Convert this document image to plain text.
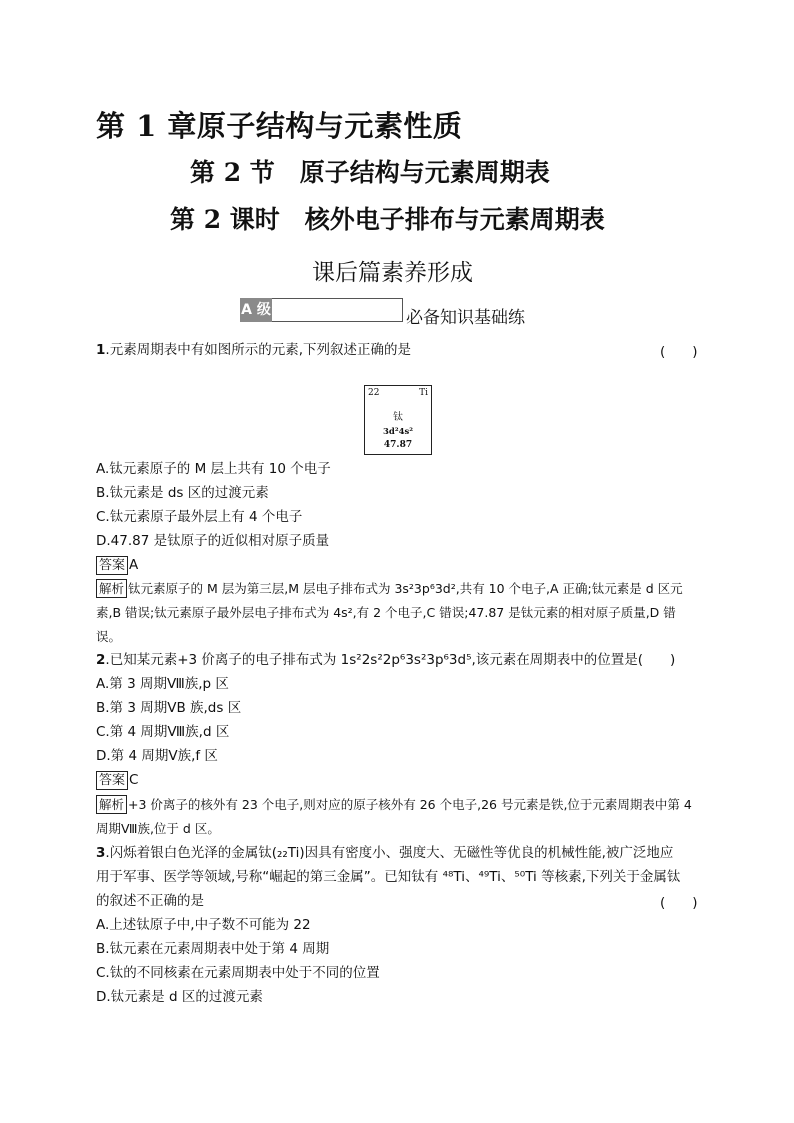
第 1 章原子结构与元素性质
第 2 节　原子结构与元素周期表
第 2 课时　核外电子排布与元素周期表
课后篇素养形成
A 级	必备知识基础练
1.元素周期表中有如图所示的元素,下列叙述正确的是	(　　)
22	Ti
钛
3d²4s²
47.87
A.钛元素原子的 M 层上共有 10 个电子
B.钛元素是 ds 区的过渡元素
C.钛元素原子最外层上有 4 个电子
D.47.87 是钛原子的近似相对原子质量
答案 A
解析 钛元素原子的 M 层为第三层,M 层电子排布式为 3s²3p⁶3d²,共有 10 个电子,A 正确;钛元素是 d 区元素,B 错误;钛元素原子最外层电子排布式为 4s²,有 2 个电子,C 错误;47.87 是钛元素的相对原子质量,D 错误。
2.已知某元素+3 价离子的电子排布式为 1s²2s²2p⁶3s²3p⁶3d⁵,该元素在周期表中的位置是(　　)
A.第 3 周期Ⅷ族,p 区
B.第 3 周期ⅤB 族,ds 区
C.第 4 周期Ⅷ族,d 区
D.第 4 周期Ⅴ族,f 区
答案 C
解析 +3 价离子的核外有 23 个电子,则对应的原子核外有 26 个电子,26 号元素是铁,位于元素周期表中第 4 周期Ⅷ族,位于 d 区。
3.闪烁着银白色光泽的金属钛(₂₂Ti)因具有密度小、强度大、无磁性等优良的机械性能,被广泛地应
用于军事、医学等领域,号称“崛起的第三金属”。已知钛有 ⁴⁸Ti、⁴⁹Ti、⁵⁰Ti 等核素,下列关于金属钛
的叙述不正确的是	(　　)
A.上述钛原子中,中子数不可能为 22
B.钛元素在元素周期表中处于第 4 周期
C.钛的不同核素在元素周期表中处于不同的位置
D.钛元素是 d 区的过渡元素
